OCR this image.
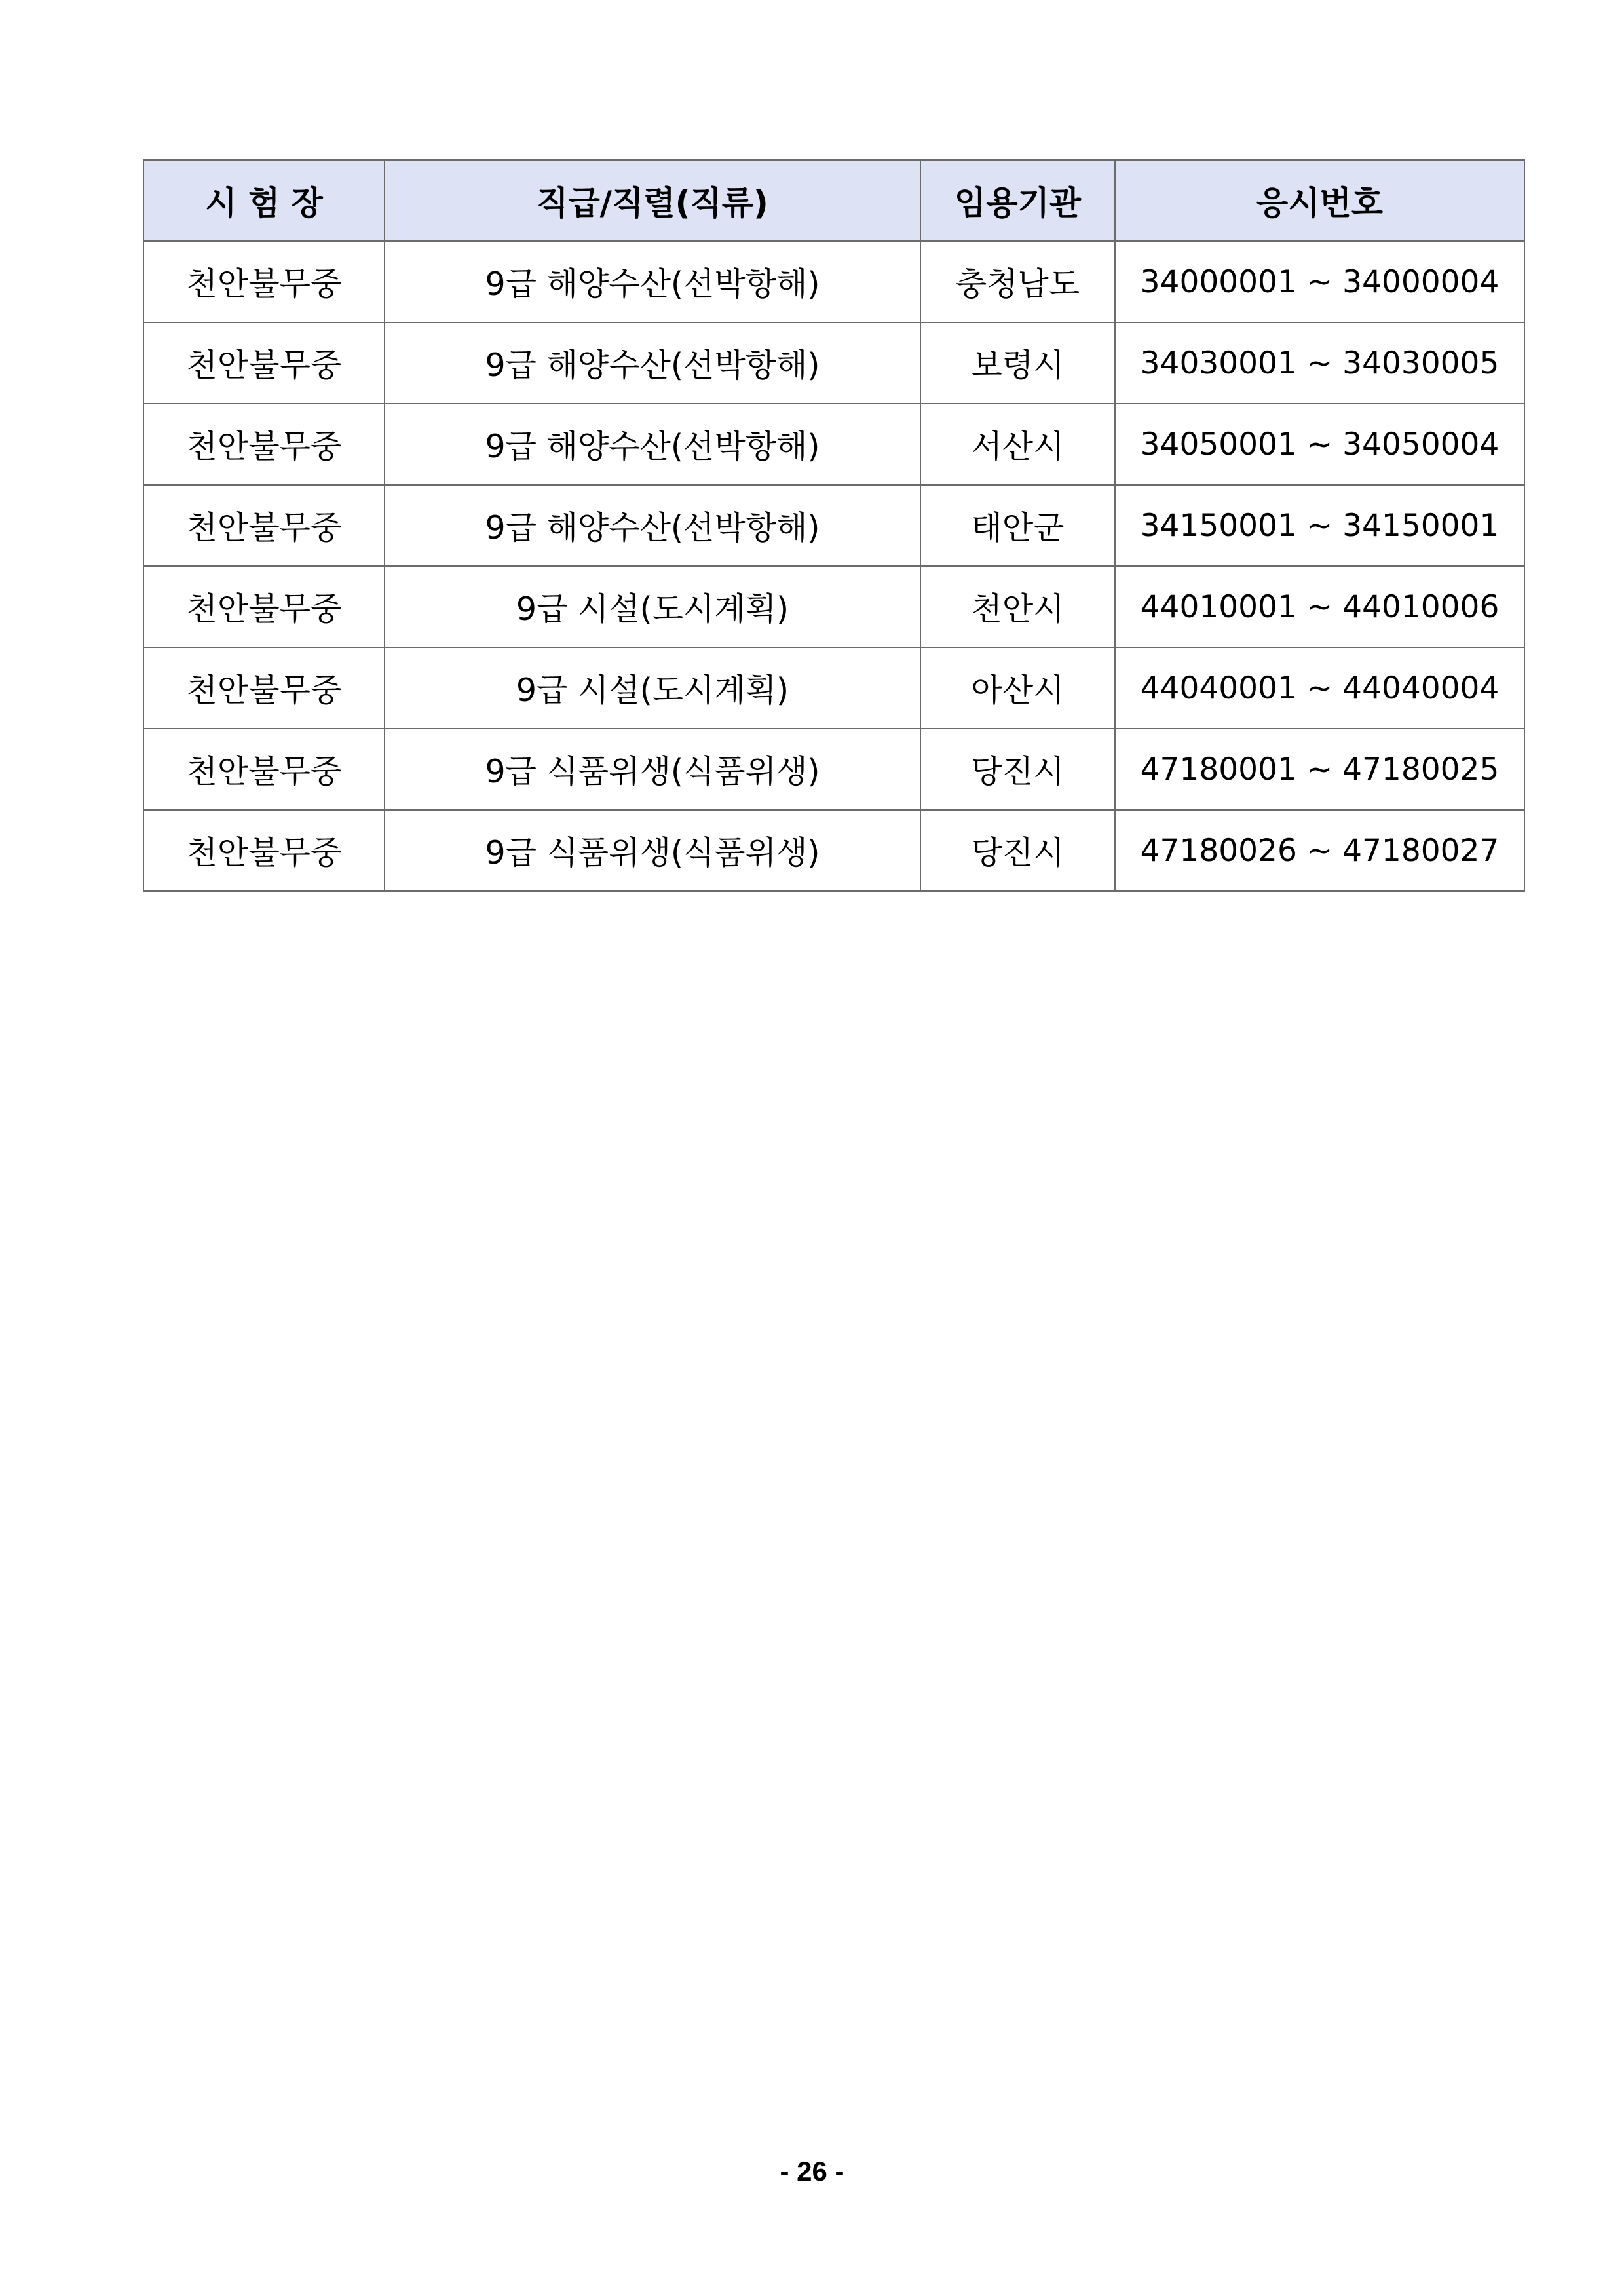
시 험 장	직급/직렬(직류)	임용기관	응시번호
천안불무중	9급 해양수산(선박항해)	충청남도	34000001 ~ 34000004
천안불무중	9급 해양수산(선박항해)	보령시	34030001 ~ 34030005
천안불무중	9급 해양수산(선박항해)	서산시	34050001 ~ 34050004
천안불무중	9급 해양수산(선박항해)	태안군	34150001 ~ 34150001
천안불무중	9급 시설(도시계획)	천안시	44010001 ~ 44010006
천안불무중	9급 시설(도시계획)	아산시	44040001 ~ 44040004
천안불무중	9급 식품위생(식품위생)	당진시	47180001 ~ 47180025
천안불무중	9급 식품위생(식품위생)	당진시	47180026 ~ 47180027
- 26 -
